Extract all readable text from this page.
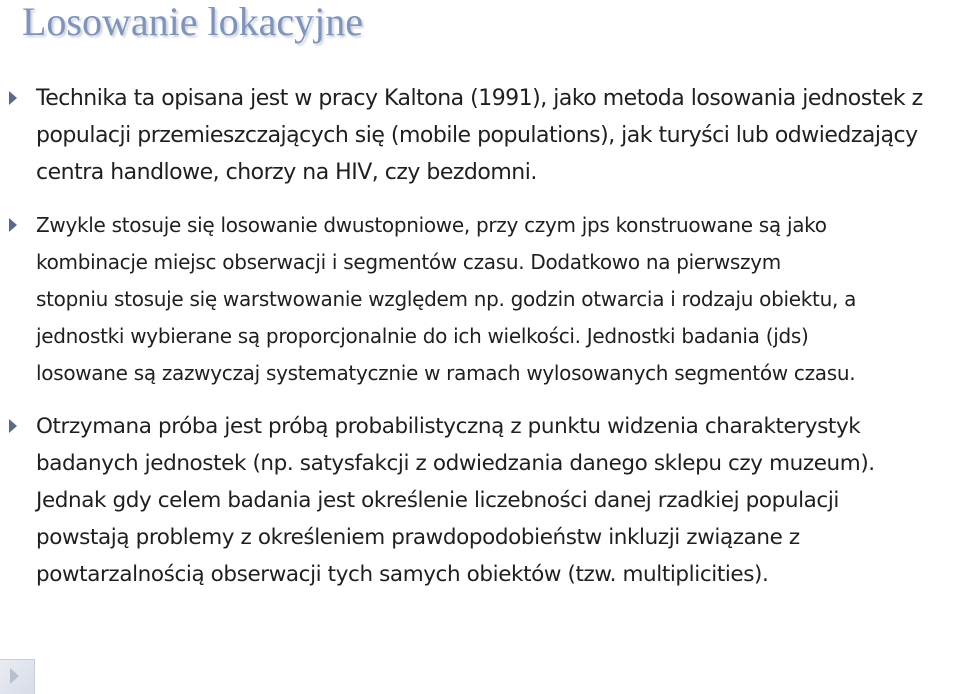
Losowanie lokacyjne

Technika ta opisana jest w pracy Kaltona (1991), jako metoda losowania jednostek z
populacji przemieszczających się (mobile populations), jak turyści lub odwiedzający
centra handlowe, chorzy na HIV, czy bezdomni.

Zwykle stosuje się losowanie dwustopniowe, przy czym jps konstruowane są jako
kombinacje miejsc obserwacji i segmentów czasu. Dodatkowo na pierwszym
stopniu stosuje się warstwowanie względem np. godzin otwarcia i rodzaju obiektu, a
jednostki wybierane są proporcjonalnie do ich wielkości. Jednostki badania (jds)
losowane są zazwyczaj systematycznie w ramach wylosowanych segmentów czasu.

Otrzymana próba jest próbą probabilistyczną z punktu widzenia charakterystyk
badanych jednostek (np. satysfakcji z odwiedzania danego sklepu czy muzeum).
Jednak gdy celem badania jest określenie liczebności danej rzadkiej populacji
powstają problemy z określeniem prawdopodobieństw inkluzji związane z
powtarzalnością obserwacji tych samych obiektów (tzw. multiplicities).
